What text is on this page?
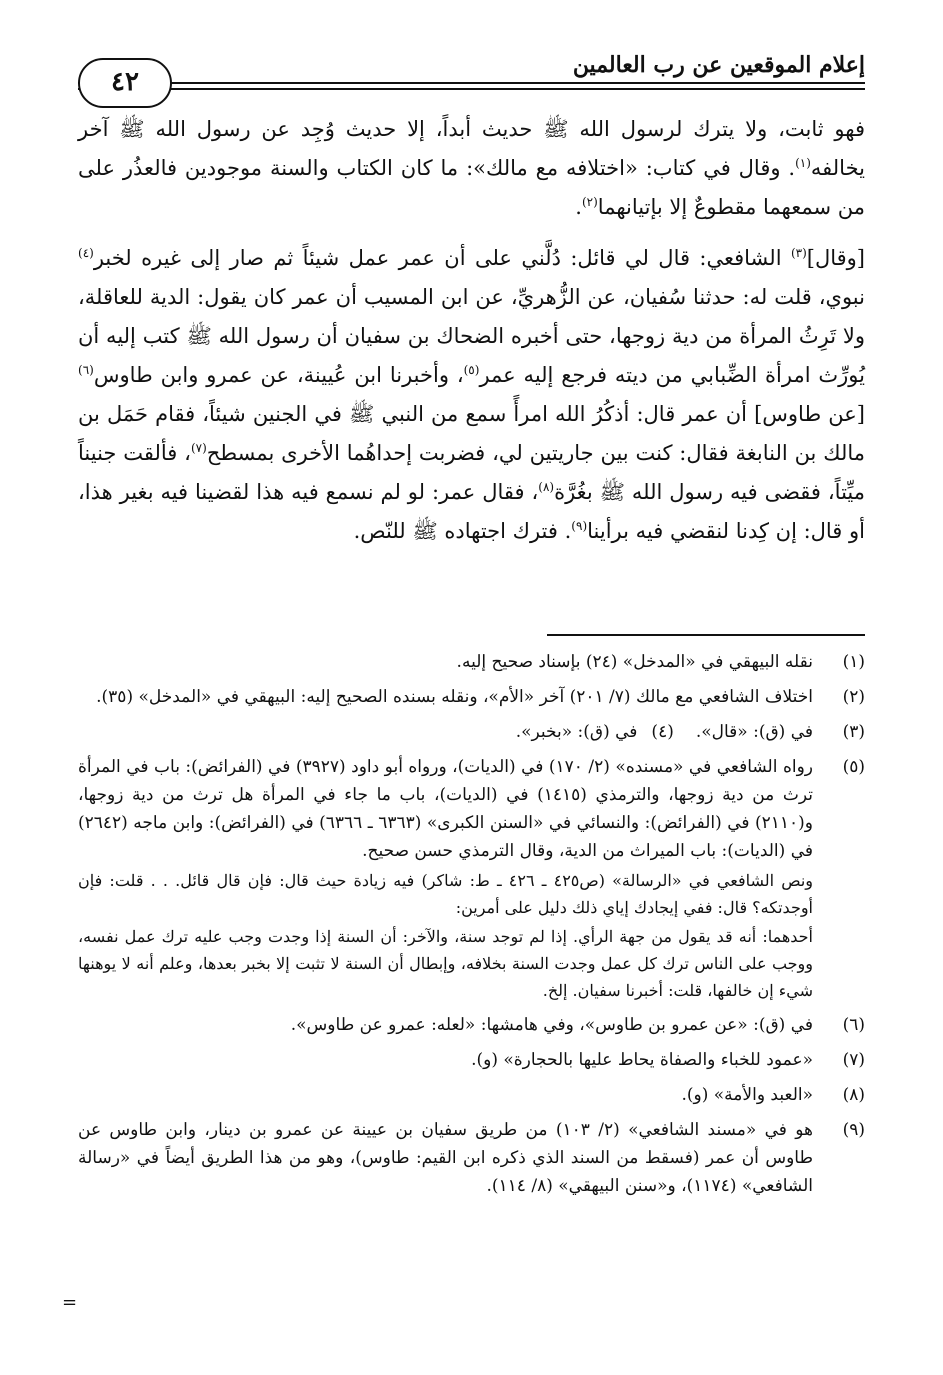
إعلام الموقعين عن رب العالمين
٤٢

فهو ثابت، ولا يترك لرسول الله ﷺ حديث أبداً، إلا حديث وُجِد عن رسول الله ﷺ آخر يخالفه$^{(١)}$. وقال في كتاب: «اختلافه مع مالك»: ما كان الكتاب والسنة موجودين فالعذُر على من سمعهما مقطوعٌ إلا بإتيانهما$^{(٢)}$.

[وقال]$^{(٣)}$ الشافعي: قال لي قائل: دُلَّني على أن عمر عمل شيئاً ثم صار إلى غيره لخبر$^{(٤)}$ نبوي، قلت له: حدثنا سُفيان، عن الزُّهريِّ، عن ابن المسيب أن عمر كان يقول: الدية للعاقلة، ولا تَرِثُ المرأة من دية زوجها، حتى أخبره الضحاك بن سفيان أن رسول الله ﷺ كتب إليه أن يُورِّث امرأة الضِّبابي من ديته فرجع إليه عمر$^{(٥)}$، وأخبرنا ابن عُيينة، عن عمرو وابن طاوس$^{(٦)}$ [عن طاوس] أن عمر قال: أذكُرُ الله امرأً سمع من النبي ﷺ في الجنين شيئاً، فقام حَمَل بن مالك بن النابغة فقال: كنت بين جاريتين لي، فضربت إحداهُما الأخرى بمسطح$^{(٧)}$، فألقت جنيناً ميِّتاً، فقضى فيه رسول الله ﷺ بغُرَّة$^{(٨)}$، فقال عمر: لو لم نسمع فيه هذا لقضينا فيه بغير هذا، أو قال: إن كِدنا لنقضي فيه برأينا$^{(٩)}$. فترك اجتهاده ﷺ للنّص.

(١)
نقله البيهقي في «المدخل» (٢٤) بإسناد صحيح إليه.
(٢)
اختلاف الشافعي مع مالك (٧/ ٢٠١) آخر «الأم»، ونقله بسنده الصحيح إليه: البيهقي في «المدخل» (٣٥).
(٣)
في (ق): «قال».(٤)في (ق): «بخبر».
(٥)
رواه الشافعي في «مسنده» (٢/ ١٧٠) في (الديات)، ورواه أبو داود (٣٩٢٧) في (الفرائض): باب في المرأة ترث من دية زوجها، والترمذي (١٤١٥) في (الديات)، باب ما جاء في المرأة هل ترث من دية زوجها، و(٢١١٠) في (الفرائض): والنسائي في «السنن الكبرى» (٦٣٦٣ ـ ٦٣٦٦) في (الفرائض): وابن ماجه (٢٦٤٢) في (الديات): باب الميراث من الدية، وقال الترمذي حسن صحيح.
ونص الشافعي في «الرسالة» (ص٤٢٥ ـ ٤٢٦ ـ ط: شاكر) فيه زيادة حيث قال: فإن قال قائل. . . قلت: فإن أوجدتكه؟ قال: ففي إيجادك إياي ذلك دليل على أمرين:
أحدهما: أنه قد يقول من جهة الرأي. إذا لم توجد سنة، والآخر: أن السنة إذا وجدت وجب عليه ترك عمل نفسه، ووجب على الناس ترك كل عمل وجدت السنة بخلافه، وإبطال أن السنة لا تثبت إلا بخبر بعدها، وعلم أنه لا يوهنها شيء إن خالفها، قلت: أخبرنا سفيان. إلخ.
(٦)
في (ق): «عن عمرو بن طاوس»، وفي هامشها: «لعله: عمرو عن طاوس».
(٧)
«عمود للخباء والصفاة يحاط عليها بالحجارة» (و).
(٨)
«العبد والأمة» (و).
(٩)
هو في «مسند الشافعي» (٢/ ١٠٣) من طريق سفيان بن عيينة عن عمرو بن دينار، وابن طاوس عن طاوس أن عمر (فسقط من السند الذي ذكره ابن القيم: طاوس)، وهو من هذا الطريق أيضاً في «رسالة الشافعي» (١١٧٤)، و«سنن البيهقي» (٨/ ١١٤).
=
